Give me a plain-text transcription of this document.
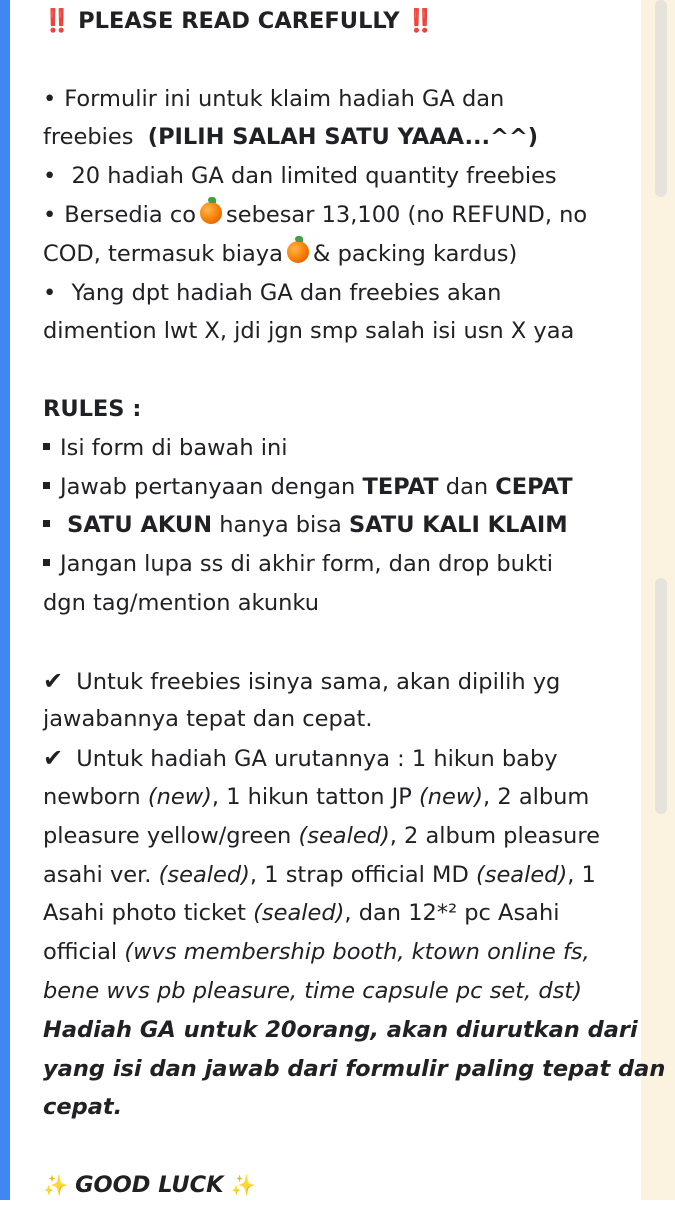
‼️ PLEASE READ CAREFULLY ‼️
• Formulir ini untuk klaim hadiah GA dan
freebies (PILIH SALAH SATU YAAA...^^)
• 20 hadiah GA dan limited quantity freebies
• Bersedia co sebesar 13,100 (no REFUND, no
COD, termasuk biaya & packing kardus)
• Yang dpt hadiah GA dan freebies akan
dimention lwt X, jdi jgn smp salah isi usn X yaa
RULES :
Isi form di bawah ini
Jawab pertanyaan dengan TEPAT dan CEPAT
SATU AKUN hanya bisa SATU KALI KLAIM
Jangan lupa ss di akhir form, dan drop bukti
dgn tag/mention akunku
✔ Untuk freebies isinya sama, akan dipilih yg
jawabannya tepat dan cepat.
✔ Untuk hadiah GA urutannya : 1 hikun baby
newborn (new), 1 hikun tatton JP (new), 2 album
pleasure yellow/green (sealed), 2 album pleasure
asahi ver. (sealed), 1 strap official MD (sealed), 1
Asahi photo ticket (sealed), dan 12*² pc Asahi
official (wvs membership booth, ktown online fs,
bene wvs pb pleasure, time capsule pc set, dst)
Hadiah GA untuk 20orang, akan diurutkan dari
yang isi dan jawab dari formulir paling tepat dan
cepat.
✨ GOOD LUCK ✨
